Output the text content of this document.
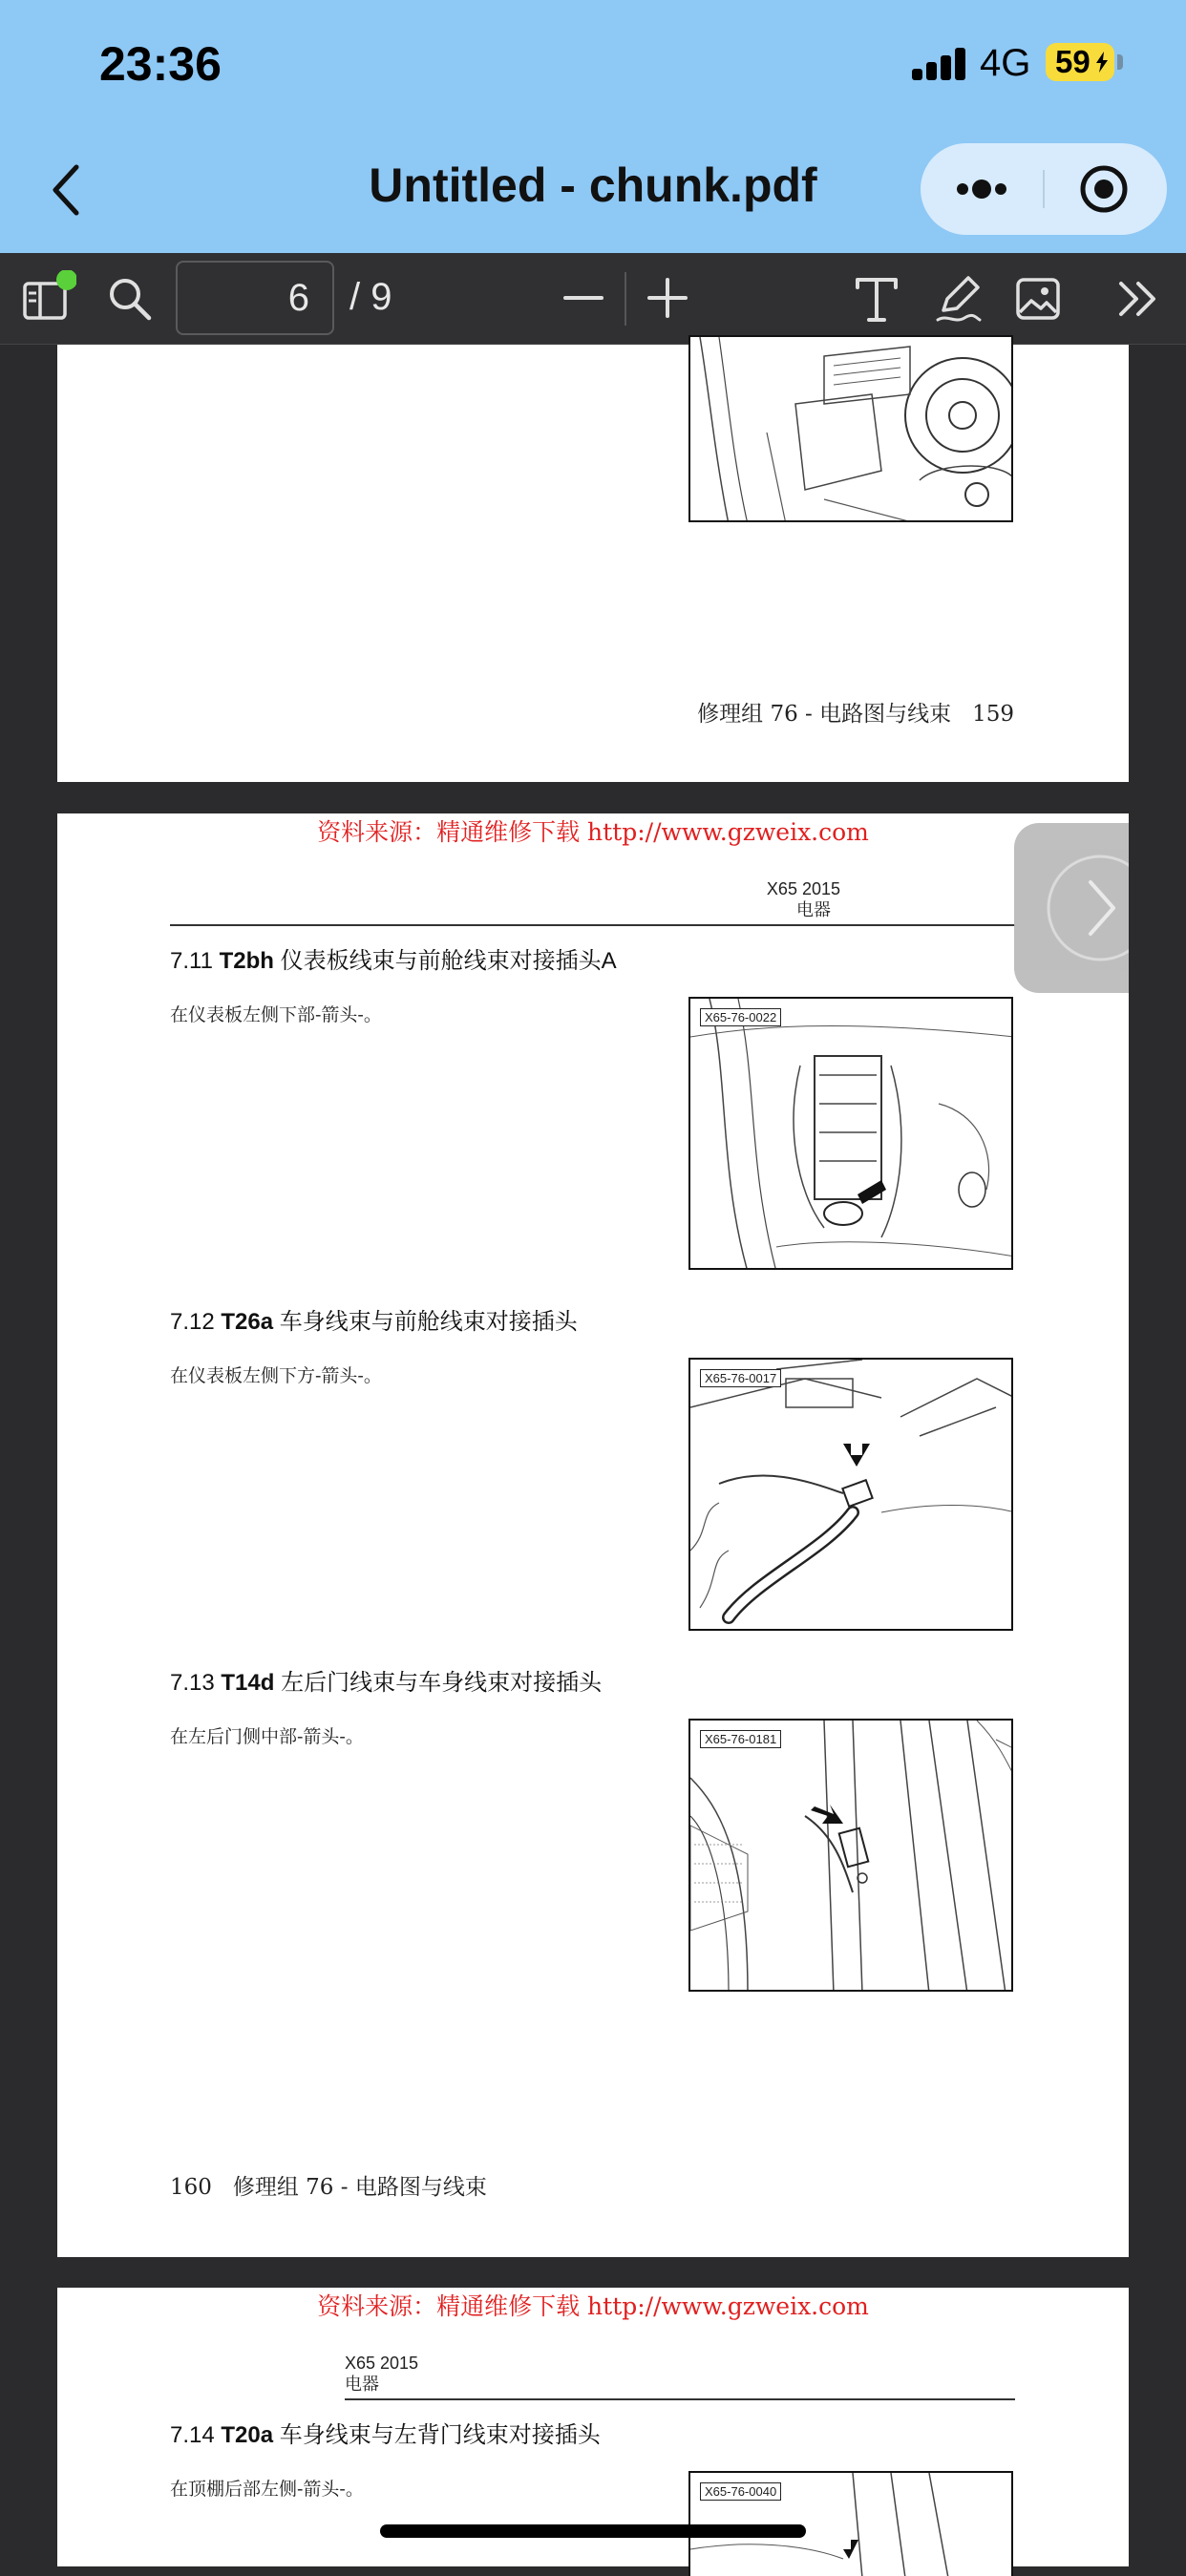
23:36	4G 59
Untitled - chunk.pdf
6
/ 9
修理组 76 - 电路图与线束 159
资料来源：精通维修下载 http://www.gzweix.com
X65 2015
电器
7.11 T2bh 仪表板线束与前舱线束对接插头A
在仪表板左侧下部-箭头-。	X65-76-0022
7.12 T26a 车身线束与前舱线束对接插头
在仪表板左侧下方-箭头-。	X65-76-0017
7.13 T14d 左后门线束与车身线束对接插头
在左后门侧中部-箭头-。	X65-76-0181
160 修理组 76 - 电路图与线束
资料来源：精通维修下载 http://www.gzweix.com
X65 2015
电器
7.14 T20a 车身线束与左背门线束对接插头
在顶棚后部左侧-箭头-。	X65-76-0040
